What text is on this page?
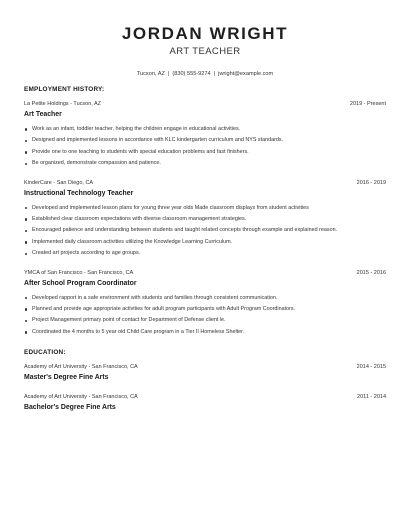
JORDAN WRIGHT
ART TEACHER
Tucson, AZ | (830) 555-9274 | jwright@example.com
EMPLOYMENT HISTORY:
La Petite Holdings - Tucson, AZ	2019 - Present
Art Teacher
Work as an infant, toddler teacher, helping the children engage in educational activities.
Designed and implemented lessons in accordance with KLC kindergarten curriculum and NYS standards.
Provide one to one teaching to students with special education problems and fast finishers.
Be organized, demonstrate compassion and patience.
KinderCare - San Diego, CA	2016 - 2019
Instructional Technology Teacher
Developed and implemented lesson plans for young three year olds Made classroom displays from student activities
Established clear classroom expectations with diverse classroom management strategies.
Encouraged patience and understanding between students and taught related concepts through example and explained reason.
Implemented daily classroom activities utilizing the Knowledge Learning Curriculum.
Created art projects according to age groups.
YMCA of San Francisco - San Francisco, CA	2015 - 2016
After School Program Coordinator
Developed rapport in a safe environment with students and families through consistent communication.
Planned and provide age appropriate activities for adult program participants with Adult Program Coordinators.
Project Management primary point of contact for Department of Defense client le.
Coordinated the 4 months to 5 year old Child Care program in a Tier II Homeless Shelter.
EDUCATION:
Academy of Art University - San Francisco, CA	2014 - 2015
Master's Degree Fine Arts
Academy of Art University - San Francisco, CA	2011 - 2014
Bachelor's Degree Fine Arts
